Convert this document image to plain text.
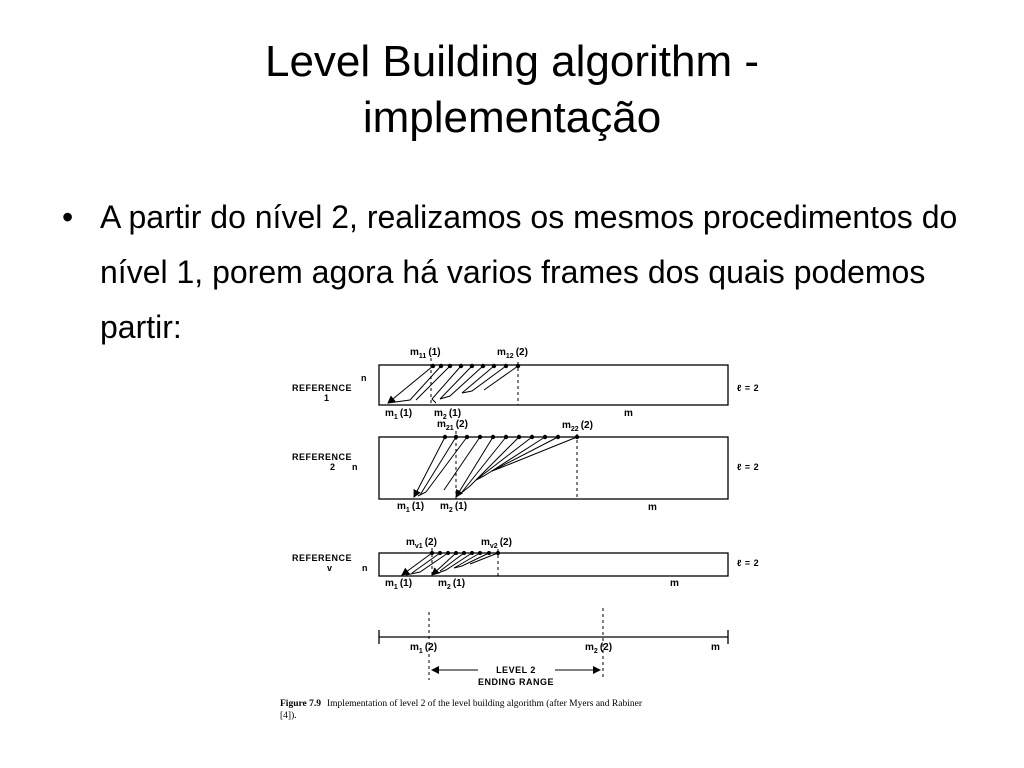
Level Building algorithm -
implementação
• A partir do nível 2, realizamos os mesmos procedimentos do nível 1, porem agora há varios frames dos quais podemos partir:
REFERENCE
1
n
ℓ = 2
$m_{11}$ (1)	$m_{12}$ (2)
$m_1$ (1) $m_2$ (1)	m
REFERENCE
2 n	ℓ = 2
$m_{21}$ (2)	$m_{22}$ (2)
$m_1$ (1) $m_2$ (1)	m
REFERENCE
v	n	ℓ = 2
$m_{v1}$ (2)	$m_{v2}$ (2)
$m_1$ (1)	$m_2$ (1)	m
$m_1$ (2)	$m_2$ (2)	m
LEVEL 2
ENDING RANGE
Figure 7.9 Implementation of level 2 of the level building algorithm (after Myers and Rabiner
[4]).
